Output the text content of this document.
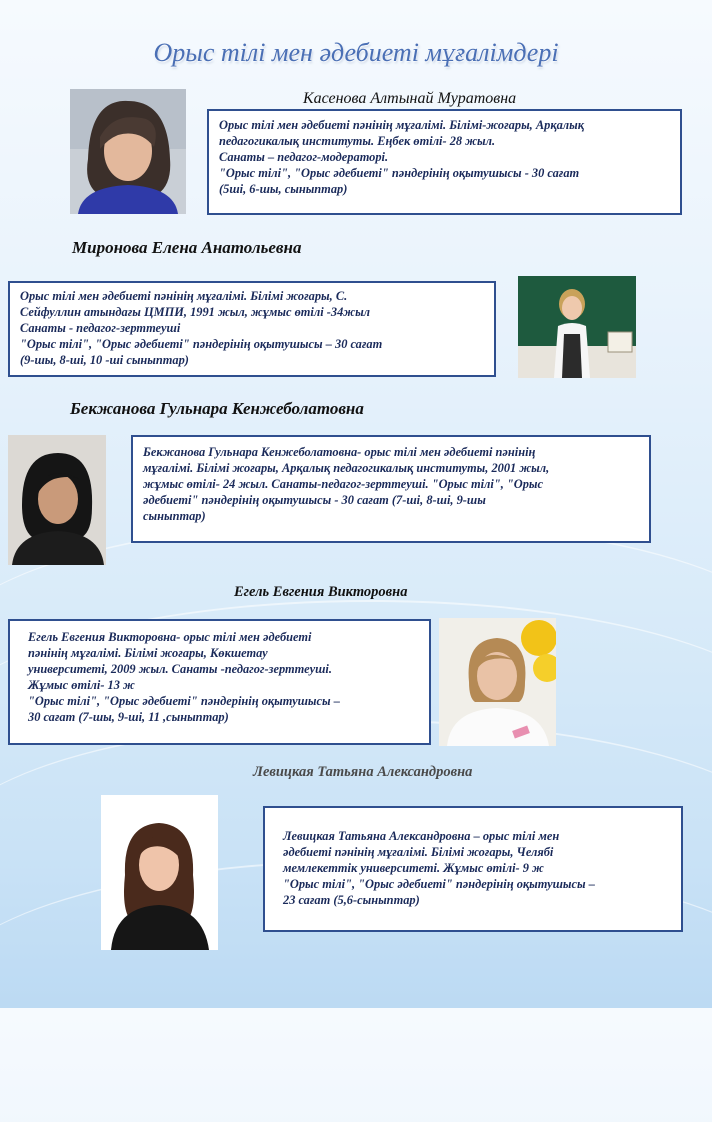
Орыс тілі мен әдебиеті мұғалімдері
Касенова Алтынай Муратовна
Орыс тілі мен әдебиеті пәнінің мұғалімі. Білімі-жоғары, Арқалық
педагогикалық институты. Еңбек өтілі- 28 жыл.
Санаты – педагог-модераторі.
"Орыс тілі", "Орыс әдебиеті" пәндерінің оқытушысы - 30 сағат
(5ші, 6-шы, сыныптар)
Миронова Елена Анатольевна
Орыс тілі мен әдебиеті пәнінің мұғалімі. Білімі жоғары, С.
Сейфуллин атындағы ЦМПИ, 1991 жыл, жұмыс өтілі -34жыл
Санаты - педагог-зерттеуші
"Орыс тілі", "Орыс әдебиеті" пәндерінің оқытушысы – 30 сағат
(9-шы, 8-ші, 10 -ші сыныптар)
Бекжанова Гульнара Кенжеболатовна
Бекжанова Гульнара Кенжеболатовна- орыс тілі мен әдебиеті пәнінің
мұғалімі. Білімі жоғары, Арқалық педагогикалық институты, 2001 жыл,
жұмыс өтілі- 24 жыл. Санаты-педагог-зерттеуші. "Орыс тілі", "Орыс
әдебиеті" пәндерінің оқытушысы - 30 сағат (7-ші, 8-ші, 9-шы
сыныптар)
Егель Евгения Викторовна
Егель Евгения Викторовна- орыс тілі мен әдебиеті
пәнінің мұғалімі. Білімі жоғары, Көкшетау
университеті, 2009 жыл. Санаты -педагог-зерттеуші.
Жұмыс өтілі- 13 ж
"Орыс тілі", "Орыс әдебиеті" пәндерінің оқытушысы –
30 сағат (7-шы, 9-ші, 11 ,сыныптар)
Левицкая Татьяна Александровна
Левицкая Татьяна Александровна – орыс тілі мен
әдебиеті пәнінің мұғалімі. Білімі жоғары, Челябі
мемлекеттік университеті. Жұмыс өтілі- 9 ж
"Орыс тілі", "Орыс әдебиеті" пәндерінің оқытушысы –
23 сағат (5,6-сыныптар)
